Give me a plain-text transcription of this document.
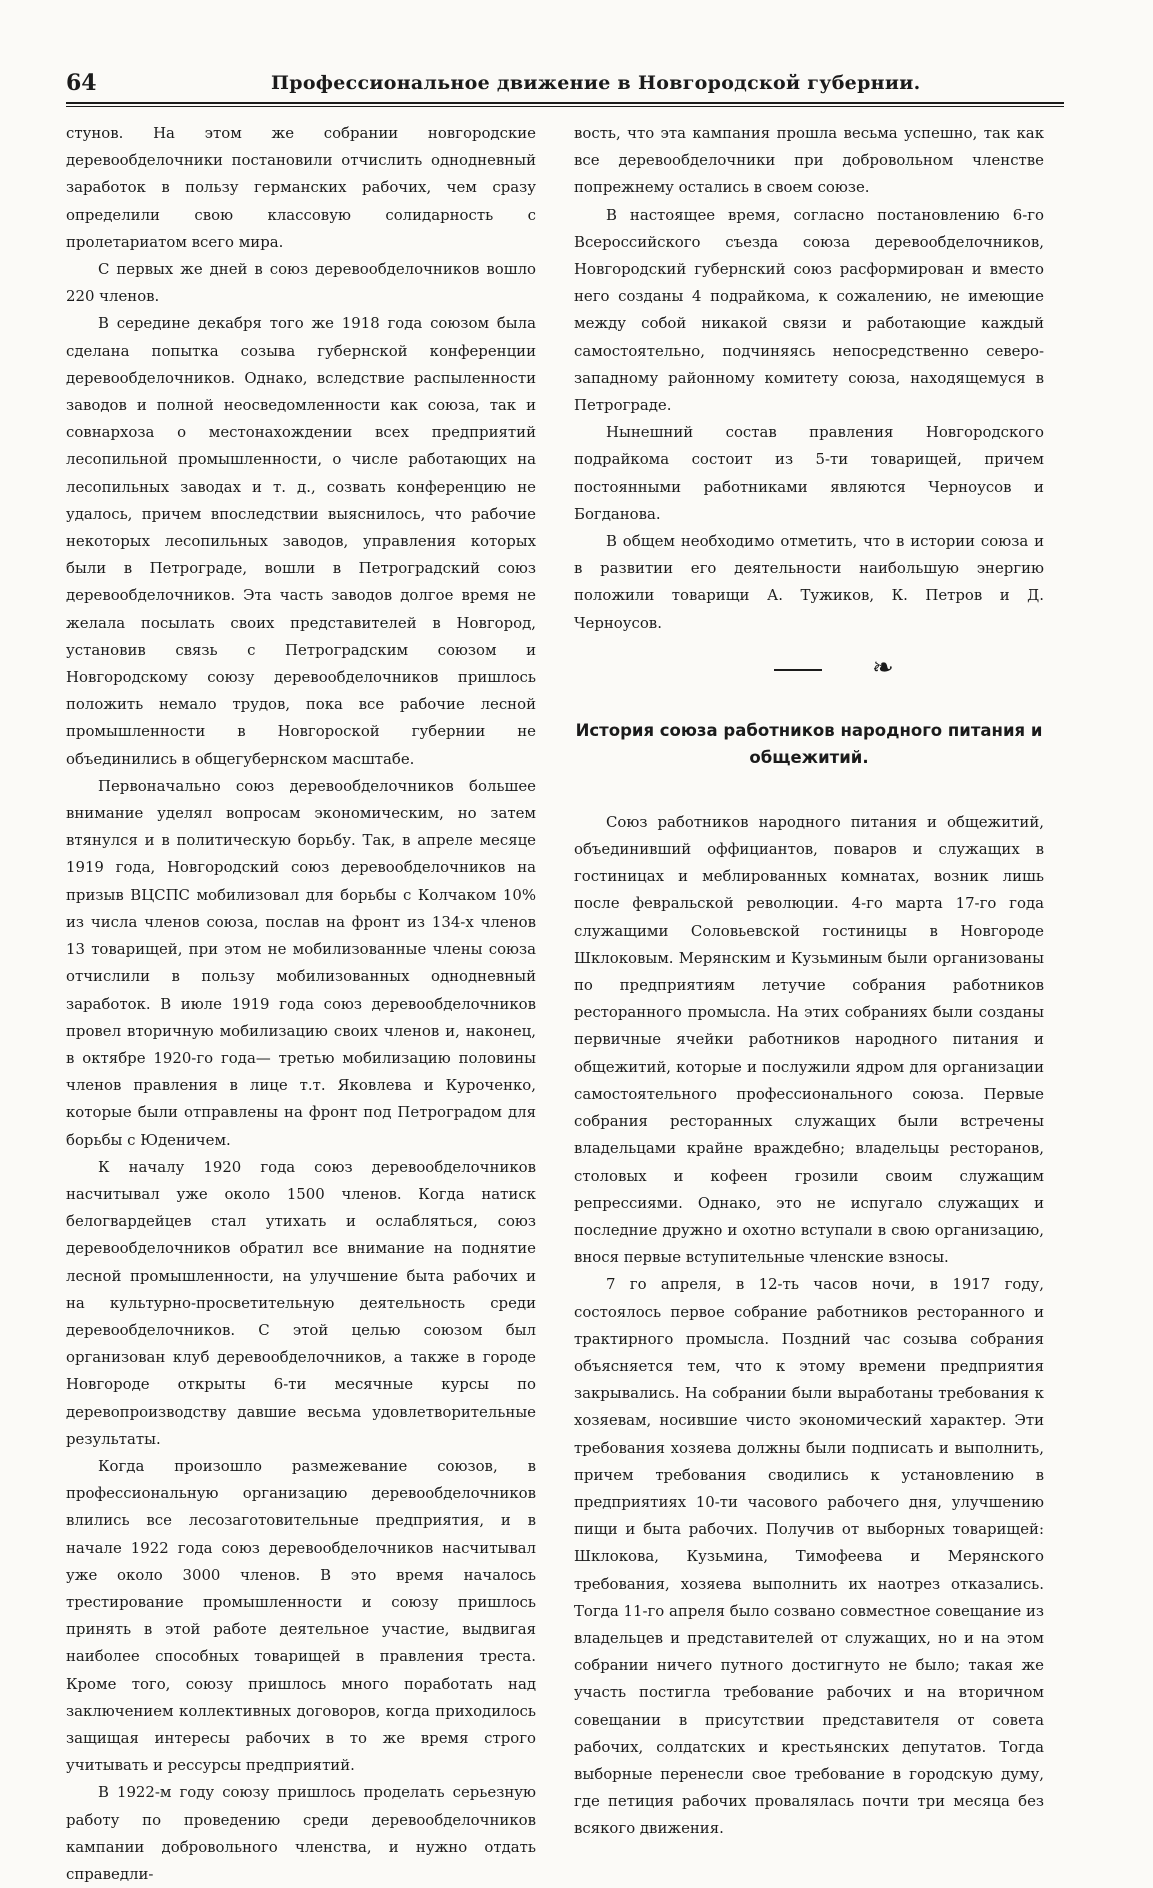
64	Профессиональное движение в Новгородской губернии.

стунов. На этом же собрании новгородские деревообделочники постановили отчислить однодневный заработок в пользу германских рабочих, чем сразу определили свою классовую солидарность с пролетариатом всего мира.

С первых же дней в союз деревообделочников вошло 220 членов.

В середине декабря того же 1918 года союзом была сделана попытка созыва губернской конференции деревообделочников. Однако, вследствие распыленности заводов и полной неосведомленности как союза, так и совнархоза о местонахождении всех предприятий лесопильной промышленности, о числе работающих на лесопильных заводах и т. д., созвать конференцию не удалось, причем впоследствии выяснилось, что рабочие некоторых лесопильных заводов, управления которых были в Петрограде, вошли в Петроградский союз деревообделочников. Эта часть заводов долгое время не желала посылать своих представителей в Новгород, установив связь с Петроградским союзом и Новгородскому союзу деревообделочников пришлось положить немало трудов, пока все рабочие лесной промышленности в Новгороской губернии не объединились в общегубернском масштабе.

Первоначально союз деревообделочников большее внимание уделял вопросам экономическим, но затем втянулся и в политическую борьбу. Так, в апреле месяце 1919 года, Новгородский союз деревообделочников на призыв ВЦСПС мобилизовал для борьбы с Колчаком 10% из числа членов союза, послав на фронт из 134-х членов 13 товарищей, при этом не мобилизованные члены союза отчислили в пользу мобилизованных однодневный заработок. В июле 1919 года союз деревообделочников провел вторичную мобилизацию своих членов и, наконец, в октябре 1920-го года— третью мобилизацию половины членов правления в лице т.т. Яковлева и Куроченко, которые были отправлены на фронт под Петроградом для борьбы с Юденичем.

К началу 1920 года союз деревообделочников насчитывал уже около 1500 членов. Когда натиск белогвардейцев стал утихать и ослабляться, союз деревообделочников обратил все внимание на поднятие лесной промышленности, на улучшение быта рабочих и на культурно-просветительную деятельность среди деревообделочников. С этой целью союзом был организован клуб деревообделочников, а также в городе Новгороде открыты 6-ти месячные курсы по деревопроизводству давшие весьма удовлетворительные результаты.

Когда произошло размежевание союзов, в профессиональную организацию деревообделочников влились все лесозаготовительные предприятия, и в начале 1922 года союз деревообделочников насчитывал уже около 3000 членов. В это время началось трестирование промышленности и союзу пришлось принять в этой работе деятельное участие, выдвигая наиболее способных товарищей в правления треста. Кроме того, союзу пришлось много поработать над заключением коллективных договоров, когда приходилось защищая интересы рабочих в то же время строго учитывать и рессурсы предприятий.

В 1922-м году союзу пришлось проделать серьезную работу по проведению среди деревообделочников кампании добровольного членства, и нужно отдать справедли-

вость, что эта кампания прошла весьма успешно, так как все деревообделочники при добровольном членстве попрежнему остались в своем союзе.

В настоящее время, согласно постановлению 6-го Всероссийского съезда союза деревообделочников, Новгородский губернский союз расформирован и вместо него созданы 4 подрайкома, к сожалению, не имеющие между собой никакой связи и работающие каждый самостоятельно, подчиняясь непосредственно северо-западному районному комитету союза, находящемуся в Петрограде.

Нынешний состав правления Новгородского подрайкома состоит из 5-ти товарищей, причем постоянными работниками являются Черноусов и Богданова.

В общем необходимо отметить, что в истории союза и в развитии его деятельности наибольшую энергию положили товарищи А. Тужиков, К. Петров и Д. Черноусов.

❧
История союза работников народного питания и общежитий.

Союз работников народного питания и общежитий, объединивший оффициантов, поваров и служащих в гостиницах и меблированных комнатах, возник лишь после февральской революции. 4-го марта 17-го года служащими Соловьевской гостиницы в Новгороде Шклоковым. Мерянским и Кузьминым были организованы по предприятиям летучие собрания работников ресторанного промысла. На этих собраниях были созданы первичные ячейки работников народного питания и общежитий, которые и послужили ядром для организации самостоятельного профессионального союза. Первые собрания ресторанных служащих были встречены владельцами крайне враждебно; владельцы ресторанов, столовых и кофеен грозили своим служащим репрессиями. Однако, это не испугало служащих и последние дружно и охотно вступали в свою организацию, внося первые вступительные членские взносы.

7 го апреля, в 12-ть часов ночи, в 1917 году, состоялось первое собрание работников ресторанного и трактирного промысла. Поздний час созыва собрания объясняется тем, что к этому времени предприятия закрывались. На собрании были выработаны требования к хозяевам, носившие чисто экономический характер. Эти требования хозяева должны были подписать и выполнить, причем требования сводились к установлению в предприятиях 10-ти часового рабочего дня, улучшению пищи и быта рабочих. Получив от выборных товарищей: Шклокова, Кузьмина, Тимофеева и Мерянского требования, хозяева выполнить их наотрез отказались. Тогда 11-го апреля было созвано совместное совещание из владельцев и представителей от служащих, но и на этом собрании ничего путного достигнуто не было; такая же участь постигла требование рабочих и на вторичном совещании в присутствии представителя от совета рабочих, солдатских и крестьянских депутатов. Тогда выборные перенесли свое требование в городскую думу, где петиция рабочих провалялась почти три месяца без всякого движения.
